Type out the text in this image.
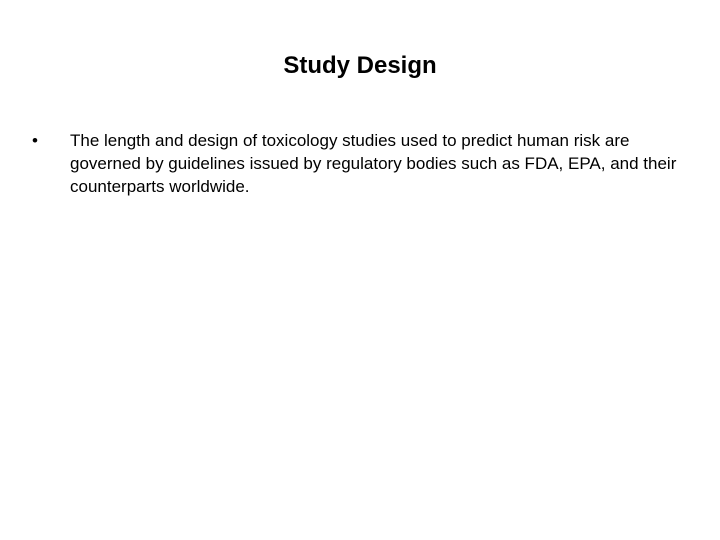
Study Design
•	The length and design of toxicology studies used to predict human risk are governed by guidelines issued by regulatory bodies such as FDA, EPA, and their counterparts worldwide.
